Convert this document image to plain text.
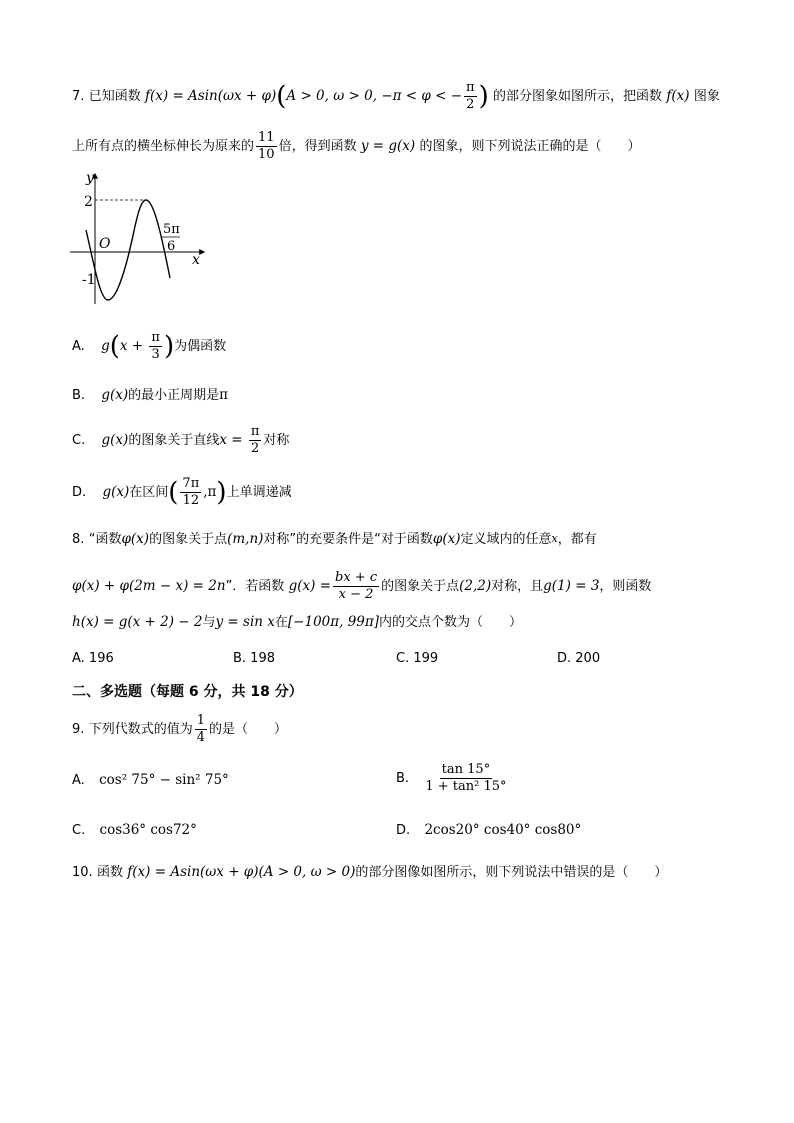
7. 已知函数 f(x) = Asin(ωx + φ)(A > 0, ω > 0, −π < φ < − $\frac{\pi}{2}$ ) 的部分图象如图所示，把函数 f(x) 图象
上所有点的横坐标伸长为原来的 $\frac{11}{10}$ 倍，得到函数 y = g(x) 的图象，则下列说法正确的是（　　）
y
x
O
2
-1
5π
6
A. $g(x + \frac{\pi}{3}$ )为偶函数
B. g(x)的最小正周期是π
C. g(x)的图象关于直线$x = \frac{\pi}{2}$ 对称
D. g(x)在区间( $\frac{7\pi}{12} ,\pi$)上单调递减
8. “函数φ(x)的图象关于点(m,n)对称”的充要条件是“对于函数φ(x)定义域内的任意$^x$，都有
φ(x) + φ(2m − x) = 2n”．若函数 $g(x) = \frac{bx + c}{x - 2}$ 的图象关于点(2,2)对称，且g(1) = 3，则函数
h(x) = g(x + 2) − 2与y = sin x在[−100π, 99π]内的交点个数为（　　）
A. 196	B. 198	C. 199	D. 200
二、多选题（每题 6 分，共 18 分）
9. 下列代数式的值为 $\frac{1}{4}$ 的是（　　）
A. cos² 75° − sin² 75°	B. $\frac{\tan 15^\circ}{\text{1 + tan² 15°}}$
C. cos36° cos72°	D. 2cos20° cos40° cos80°
10. 函数 f(x) = Asin(ωx + φ)(A > 0, ω > 0)的部分图像如图所示，则下列说法中错误的是（　　）
